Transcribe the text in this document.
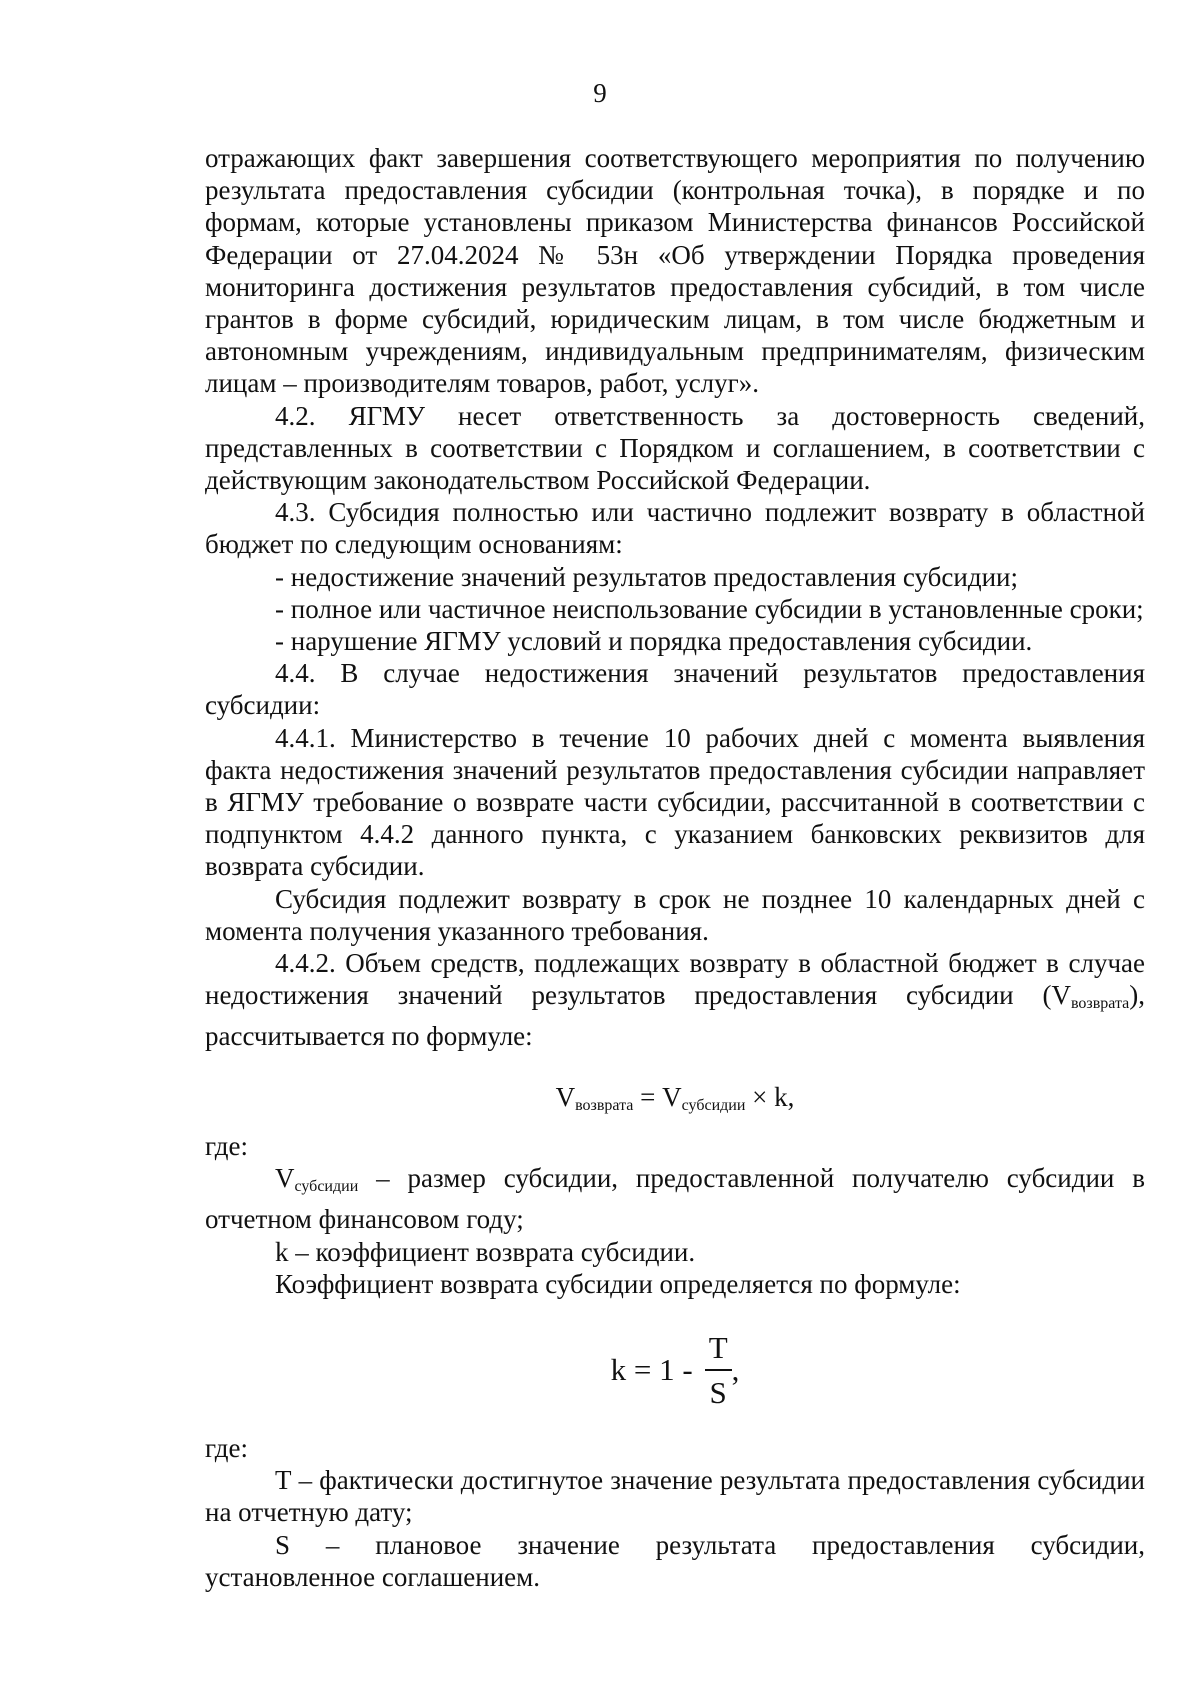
9

отражающих факт завершения соответствующего мероприятия по получению результата предоставления субсидии (контрольная точка), в порядке и по формам, которые установлены приказом Министерства финансов Российской Федерации от 27.04.2024 № 53н «Об утверждении Порядка проведения мониторинга достижения результатов предоставления субсидий, в том числе грантов в форме субсидий, юридическим лицам, в том числе бюджетным и автономным учреждениям, индивидуальным предпринимателям, физическим лицам – производителям товаров, работ, услуг».

4.2. ЯГМУ несет ответственность за достоверность сведений, представленных в соответствии с Порядком и соглашением, в соответствии с действующим законодательством Российской Федерации.

4.3. Субсидия полностью или частично подлежит возврату в областной бюджет по следующим основаниям:

- недостижение значений результатов предоставления субсидии;

- полное или частичное неиспользование субсидии в установленные сроки;

- нарушение ЯГМУ условий и порядка предоставления субсидии.

4.4. В случае недостижения значений результатов предоставления субсидии:

4.4.1. Министерство в течение 10 рабочих дней с момента выявления факта недостижения значений результатов предоставления субсидии направляет в ЯГМУ требование о возврате части субсидии, рассчитанной в соответствии с подпунктом 4.4.2 данного пункта, с указанием банковских реквизитов для возврата субсидии.

Субсидия подлежит возврату в срок не позднее 10 календарных дней с момента получения указанного требования.

4.4.2. Объем средств, подлежащих возврату в областной бюджет в случае недостижения значений результатов предоставления субсидии $(V_{возврата})$, рассчитывается по формуле:

$V_{возврата} = V_{субсидии} \times k$,

где:

$V_{субсидии}$ – размер субсидии, предоставленной получателю субсидии в отчетном финансовом году;

k – коэффициент возврата субсидии.

Коэффициент возврата субсидии определяется по формуле:

$k = 1 - \frac{Т}{S}$ ,

где:

Т – фактически достигнутое значение результата предоставления субсидии на отчетную дату;

S – плановое значение результата предоставления субсидии, установленное соглашением.
